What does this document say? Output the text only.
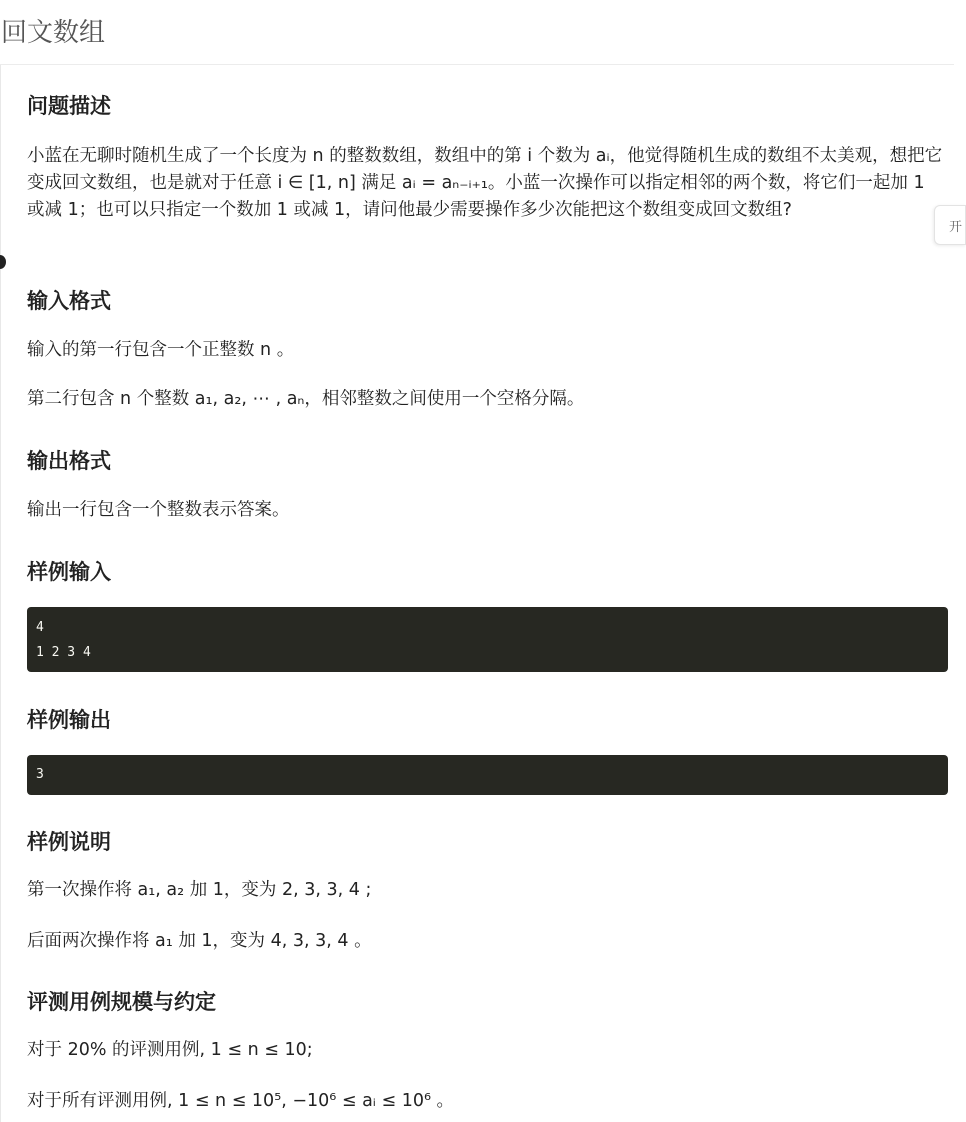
回文数组
开
问题描述
小蓝在无聊时随机生成了一个长度为 n 的整数数组，数组中的第 i 个数为 aᵢ，他觉得随机生成的数组不太美观，想把它变成回文数组，也是就对于任意 i ∈ [1, n] 满足 aᵢ = aₙ₋ᵢ₊₁。小蓝一次操作可以指定相邻的两个数，将它们一起加 1 或减 1；也可以只指定一个数加 1 或减 1，请问他最少需要操作多少次能把这个数组变成回文数组?
输入格式

输入的第一行包含一个正整数 n 。

第二行包含 n 个整数 a₁, a₂, ⋯ , aₙ，相邻整数之间使用一个空格分隔。

输出格式

输出一行包含一个整数表示答案。

样例输入
4
1 2 3 4
样例输出
3
样例说明

第一次操作将 a₁, a₂ 加 1，变为 2, 3, 3, 4 ;

后面两次操作将 a₁ 加 1，变为 4, 3, 3, 4 。

评测用例规模与约定

对于 20% 的评测用例, 1 ≤ n ≤ 10;

对于所有评测用例, 1 ≤ n ≤ 10⁵, −10⁶ ≤ aᵢ ≤ 10⁶ 。
